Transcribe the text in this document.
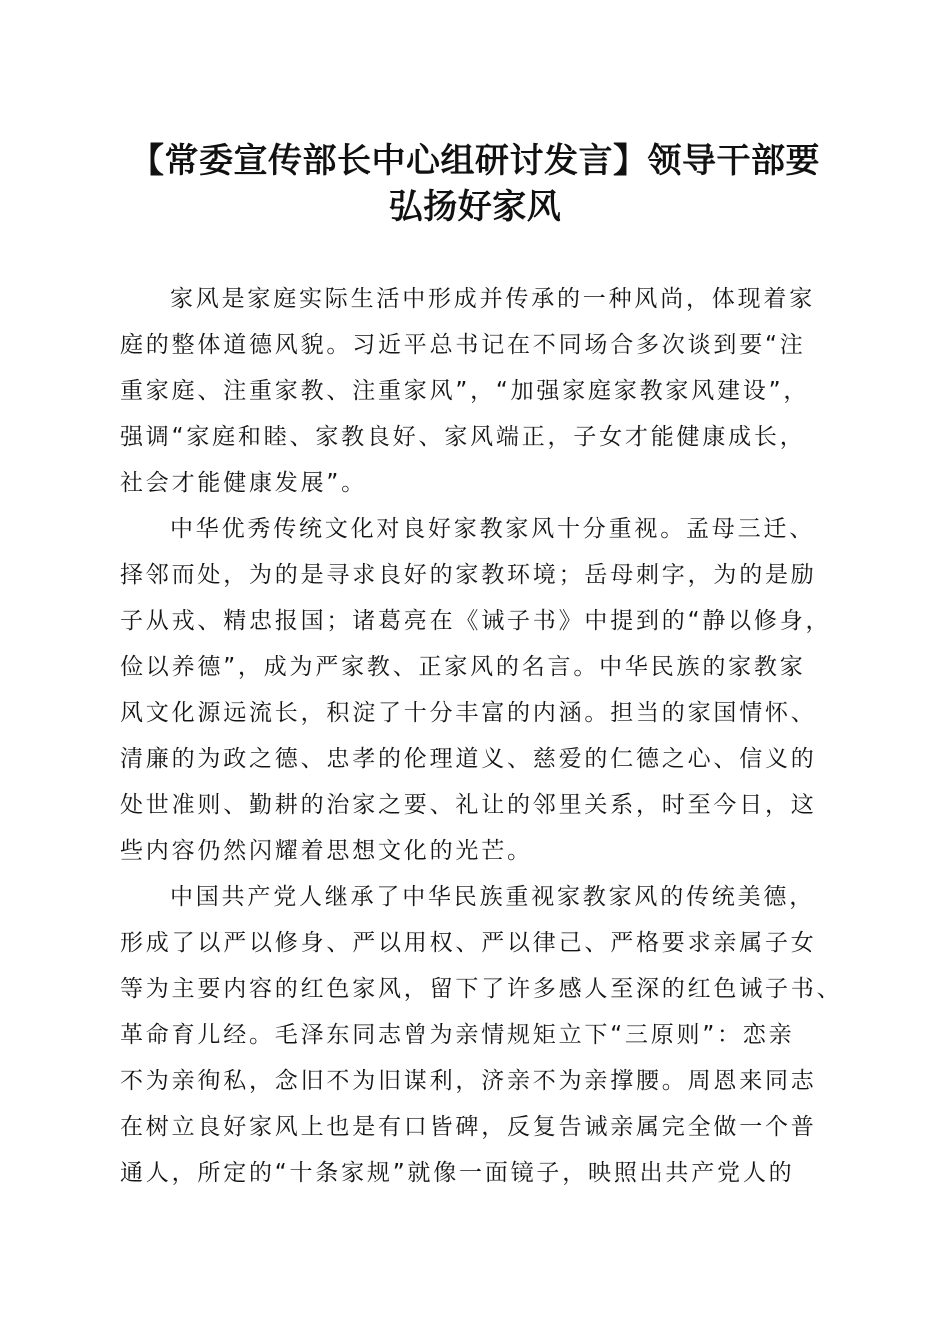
【常委宣传部长中心组研讨发言】领导干部要
弘扬好家风

家风是家庭实际生活中形成并传承的一种风尚，体现着家
庭的整体道德风貌。习近平总书记在不同场合多次谈到要“注
重家庭、注重家教、注重家风”，“加强家庭家教家风建设”，
强调“家庭和睦、家教良好、家风端正，子女才能健康成长，
社会才能健康发展”。

中华优秀传统文化对良好家教家风十分重视。孟母三迁、
择邻而处，为的是寻求良好的家教环境；岳母刺字，为的是励
子从戎、精忠报国；诸葛亮在《诫子书》中提到的“静以修身，
俭以养德”，成为严家教、正家风的名言。中华民族的家教家
风文化源远流长，积淀了十分丰富的内涵。担当的家国情怀、
清廉的为政之德、忠孝的伦理道义、慈爱的仁德之心、信义的
处世准则、勤耕的治家之要、礼让的邻里关系，时至今日，这
些内容仍然闪耀着思想文化的光芒。

中国共产党人继承了中华民族重视家教家风的传统美德，
形成了以严以修身、严以用权、严以律己、严格要求亲属子女
等为主要内容的红色家风，留下了许多感人至深的红色诫子书、
革命育儿经。毛泽东同志曾为亲情规矩立下“三原则”：恋亲
不为亲徇私，念旧不为旧谋利，济亲不为亲撑腰。周恩来同志
在树立良好家风上也是有口皆碑，反复告诫亲属完全做一个普
通人，所定的“十条家规”就像一面镜子，映照出共产党人的
